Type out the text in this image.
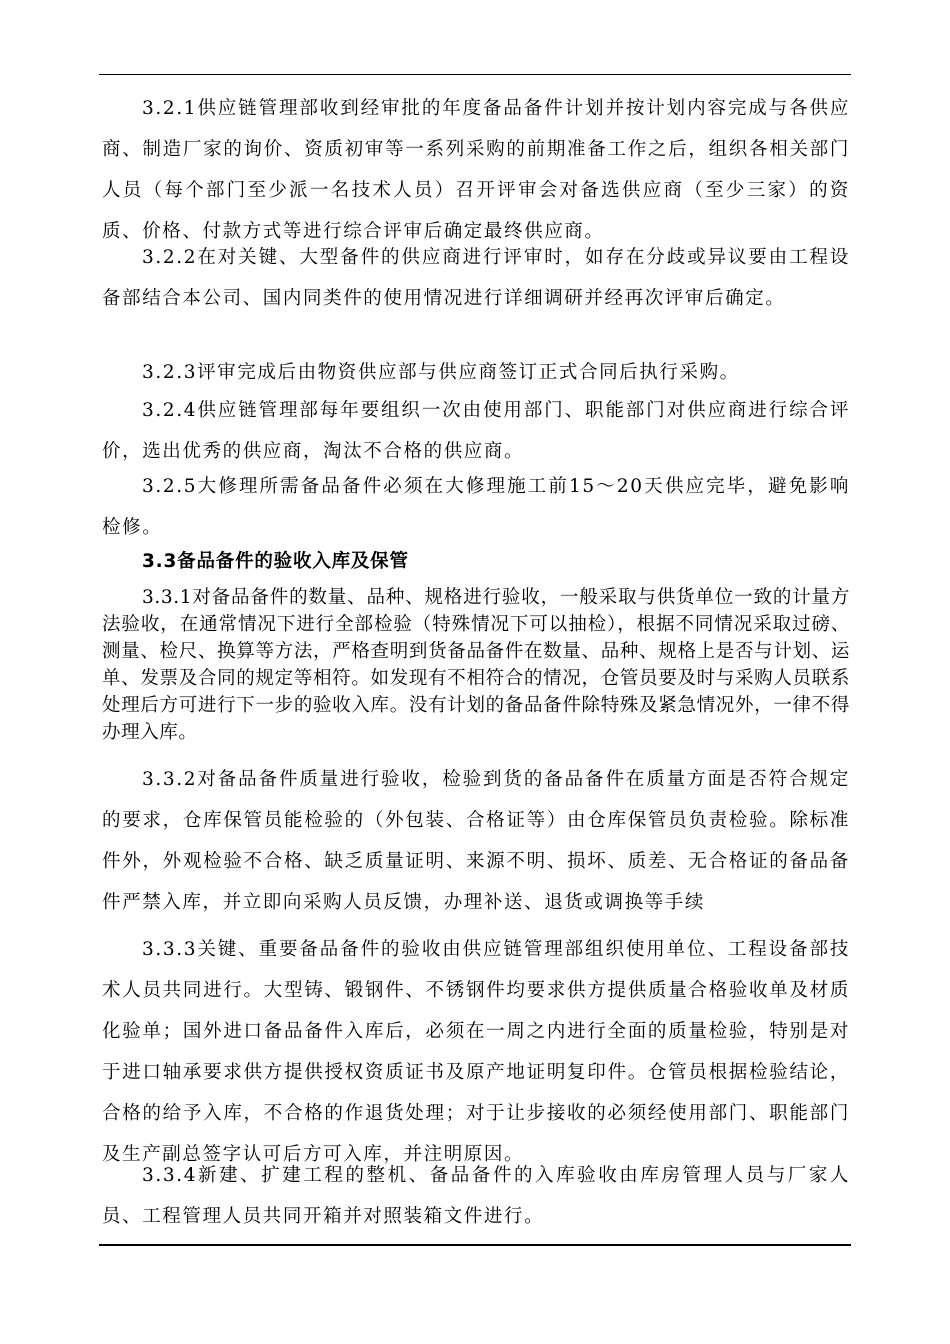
3.2.1供应链管理部收到经审批的年度备品备件计划并按计划内容完成与各供应商、制造厂家的询价、资质初审等一系列采购的前期准备工作之后，组织各相关部门人员（每个部门至少派一名技术人员）召开评审会对备选供应商（至少三家）的资质、价格、付款方式等进行综合评审后确定最终供应商。

3.2.2在对关键、大型备件的供应商进行评审时，如存在分歧或异议要由工程设备部结合本公司、国内同类件的使用情况进行详细调研并经再次评审后确定。

3.2.3评审完成后由物资供应部与供应商签订正式合同后执行采购。

3.2.4供应链管理部每年要组织一次由使用部门、职能部门对供应商进行综合评价，选出优秀的供应商，淘汰不合格的供应商。

3.2.5大修理所需备品备件必须在大修理施工前15～20天供应完毕，避免影响检修。

3.3备品备件的验收入库及保管

3.3.1对备品备件的数量、品种、规格进行验收，一般采取与供货单位一致的计量方法验收，在通常情况下进行全部检验（特殊情况下可以抽检），根据不同情况采取过磅、测量、检尺、换算等方法，严格查明到货备品备件在数量、品种、规格上是否与计划、运单、发票及合同的规定等相符。如发现有不相符合的情况，仓管员要及时与采购人员联系处理后方可进行下一步的验收入库。没有计划的备品备件除特殊及紧急情况外，一律不得办理入库。

3.3.2对备品备件质量进行验收，检验到货的备品备件在质量方面是否符合规定的要求，仓库保管员能检验的（外包装、合格证等）由仓库保管员负责检验。除标准件外，外观检验不合格、缺乏质量证明、来源不明、损坏、质差、无合格证的备品备件严禁入库，并立即向采购人员反馈，办理补送、退货或调换等手续

3.3.3关键、重要备品备件的验收由供应链管理部组织使用单位、工程设备部技术人员共同进行。大型铸、锻钢件、不锈钢件均要求供方提供质量合格验收单及材质化验单；国外进口备品备件入库后，必须在一周之内进行全面的质量检验，特别是对于进口轴承要求供方提供授权资质证书及原产地证明复印件。仓管员根据检验结论，合格的给予入库，不合格的作退货处理；对于让步接收的必须经使用部门、职能部门及生产副总签字认可后方可入库，并注明原因。

3.3.4新建、扩建工程的整机、备品备件的入库验收由库房管理人员与厂家人员、工程管理人员共同开箱并对照装箱文件进行。
